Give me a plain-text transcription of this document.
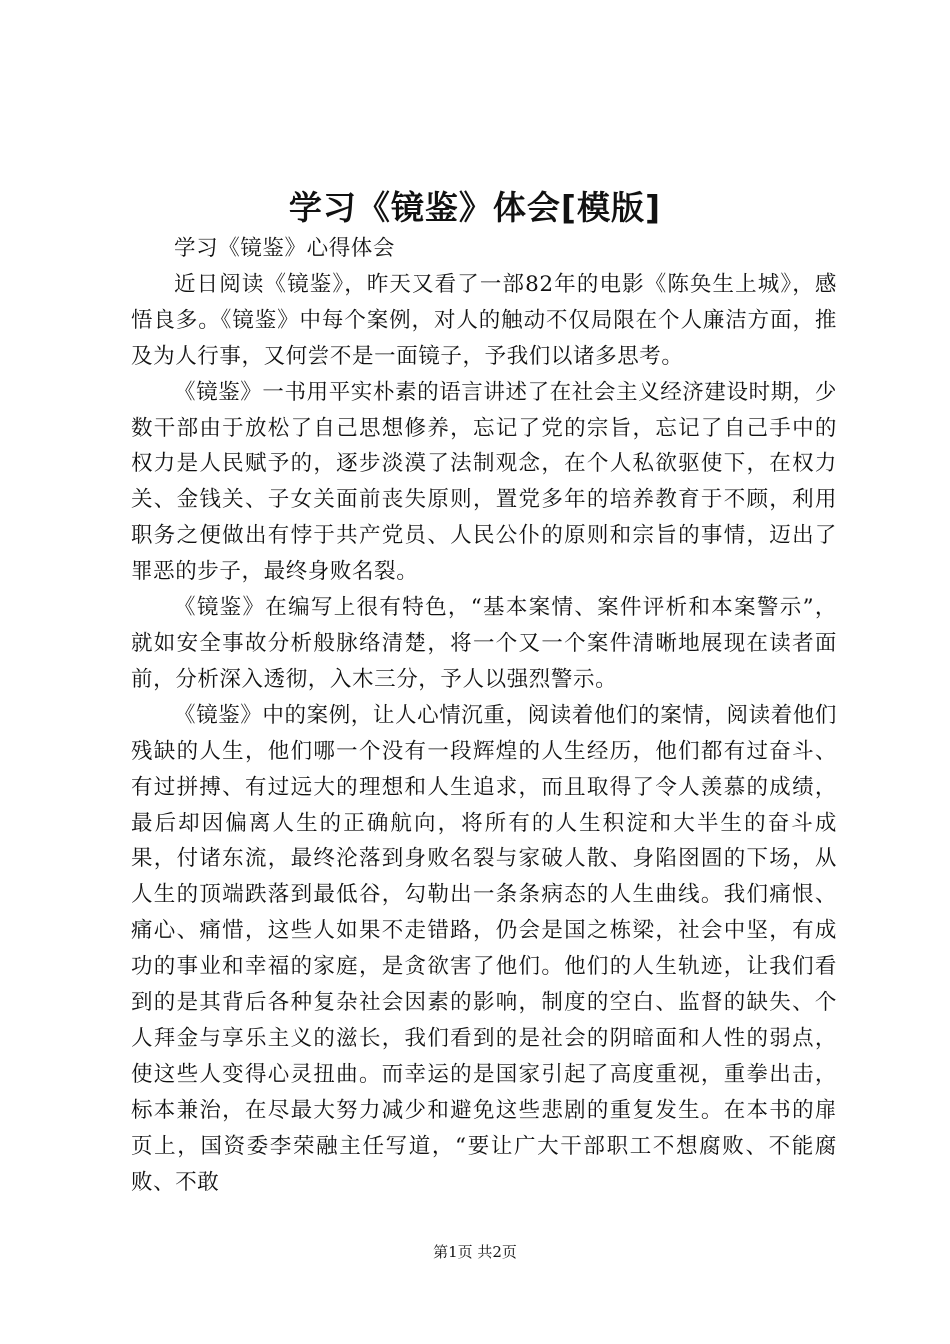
学习《镜鉴》体会[模版]

学习《镜鉴》心得体会

近日阅读《镜鉴》，昨天又看了一部82年的电影《陈奂生上城》，感悟良多。《镜鉴》中每个案例，对人的触动不仅局限在个人廉洁方面，推及为人行事，又何尝不是一面镜子，予我们以诸多思考。

《镜鉴》一书用平实朴素的语言讲述了在社会主义经济建设时期，少数干部由于放松了自己思想修养，忘记了党的宗旨，忘记了自己手中的权力是人民赋予的，逐步淡漠了法制观念，在个人私欲驱使下，在权力关、金钱关、子女关面前丧失原则，置党多年的培养教育于不顾，利用职务之便做出有悖于共产党员、人民公仆的原则和宗旨的事情，迈出了罪恶的步子，最终身败名裂。

《镜鉴》在编写上很有特色，“基本案情、案件评析和本案警示”，就如安全事故分析般脉络清楚，将一个又一个案件清晰地展现在读者面前，分析深入透彻，入木三分，予人以强烈警示。

《镜鉴》中的案例，让人心情沉重，阅读着他们的案情，阅读着他们残缺的人生，他们哪一个没有一段辉煌的人生经历，他们都有过奋斗、有过拼搏、有过远大的理想和人生追求，而且取得了令人羡慕的成绩，最后却因偏离人生的正确航向，将所有的人生积淀和大半生的奋斗成果，付诸东流，最终沦落到身败名裂与家破人散、身陷囹圄的下场，从人生的顶端跌落到最低谷，勾勒出一条条病态的人生曲线。我们痛恨、痛心、痛惜，这些人如果不走错路，仍会是国之栋梁，社会中坚，有成功的事业和幸福的家庭，是贪欲害了他们。他们的人生轨迹，让我们看到的是其背后各种复杂社会因素的影响，制度的空白、监督的缺失、个人拜金与享乐主义的滋长，我们看到的是社会的阴暗面和人性的弱点，使这些人变得心灵扭曲。而幸运的是国家引起了高度重视，重拳出击，标本兼治，在尽最大努力减少和避免这些悲剧的重复发生。在本书的扉页上，国资委李荣融主任写道，“要让广大干部职工不想腐败、不能腐败、不敢

第1页 共2页
